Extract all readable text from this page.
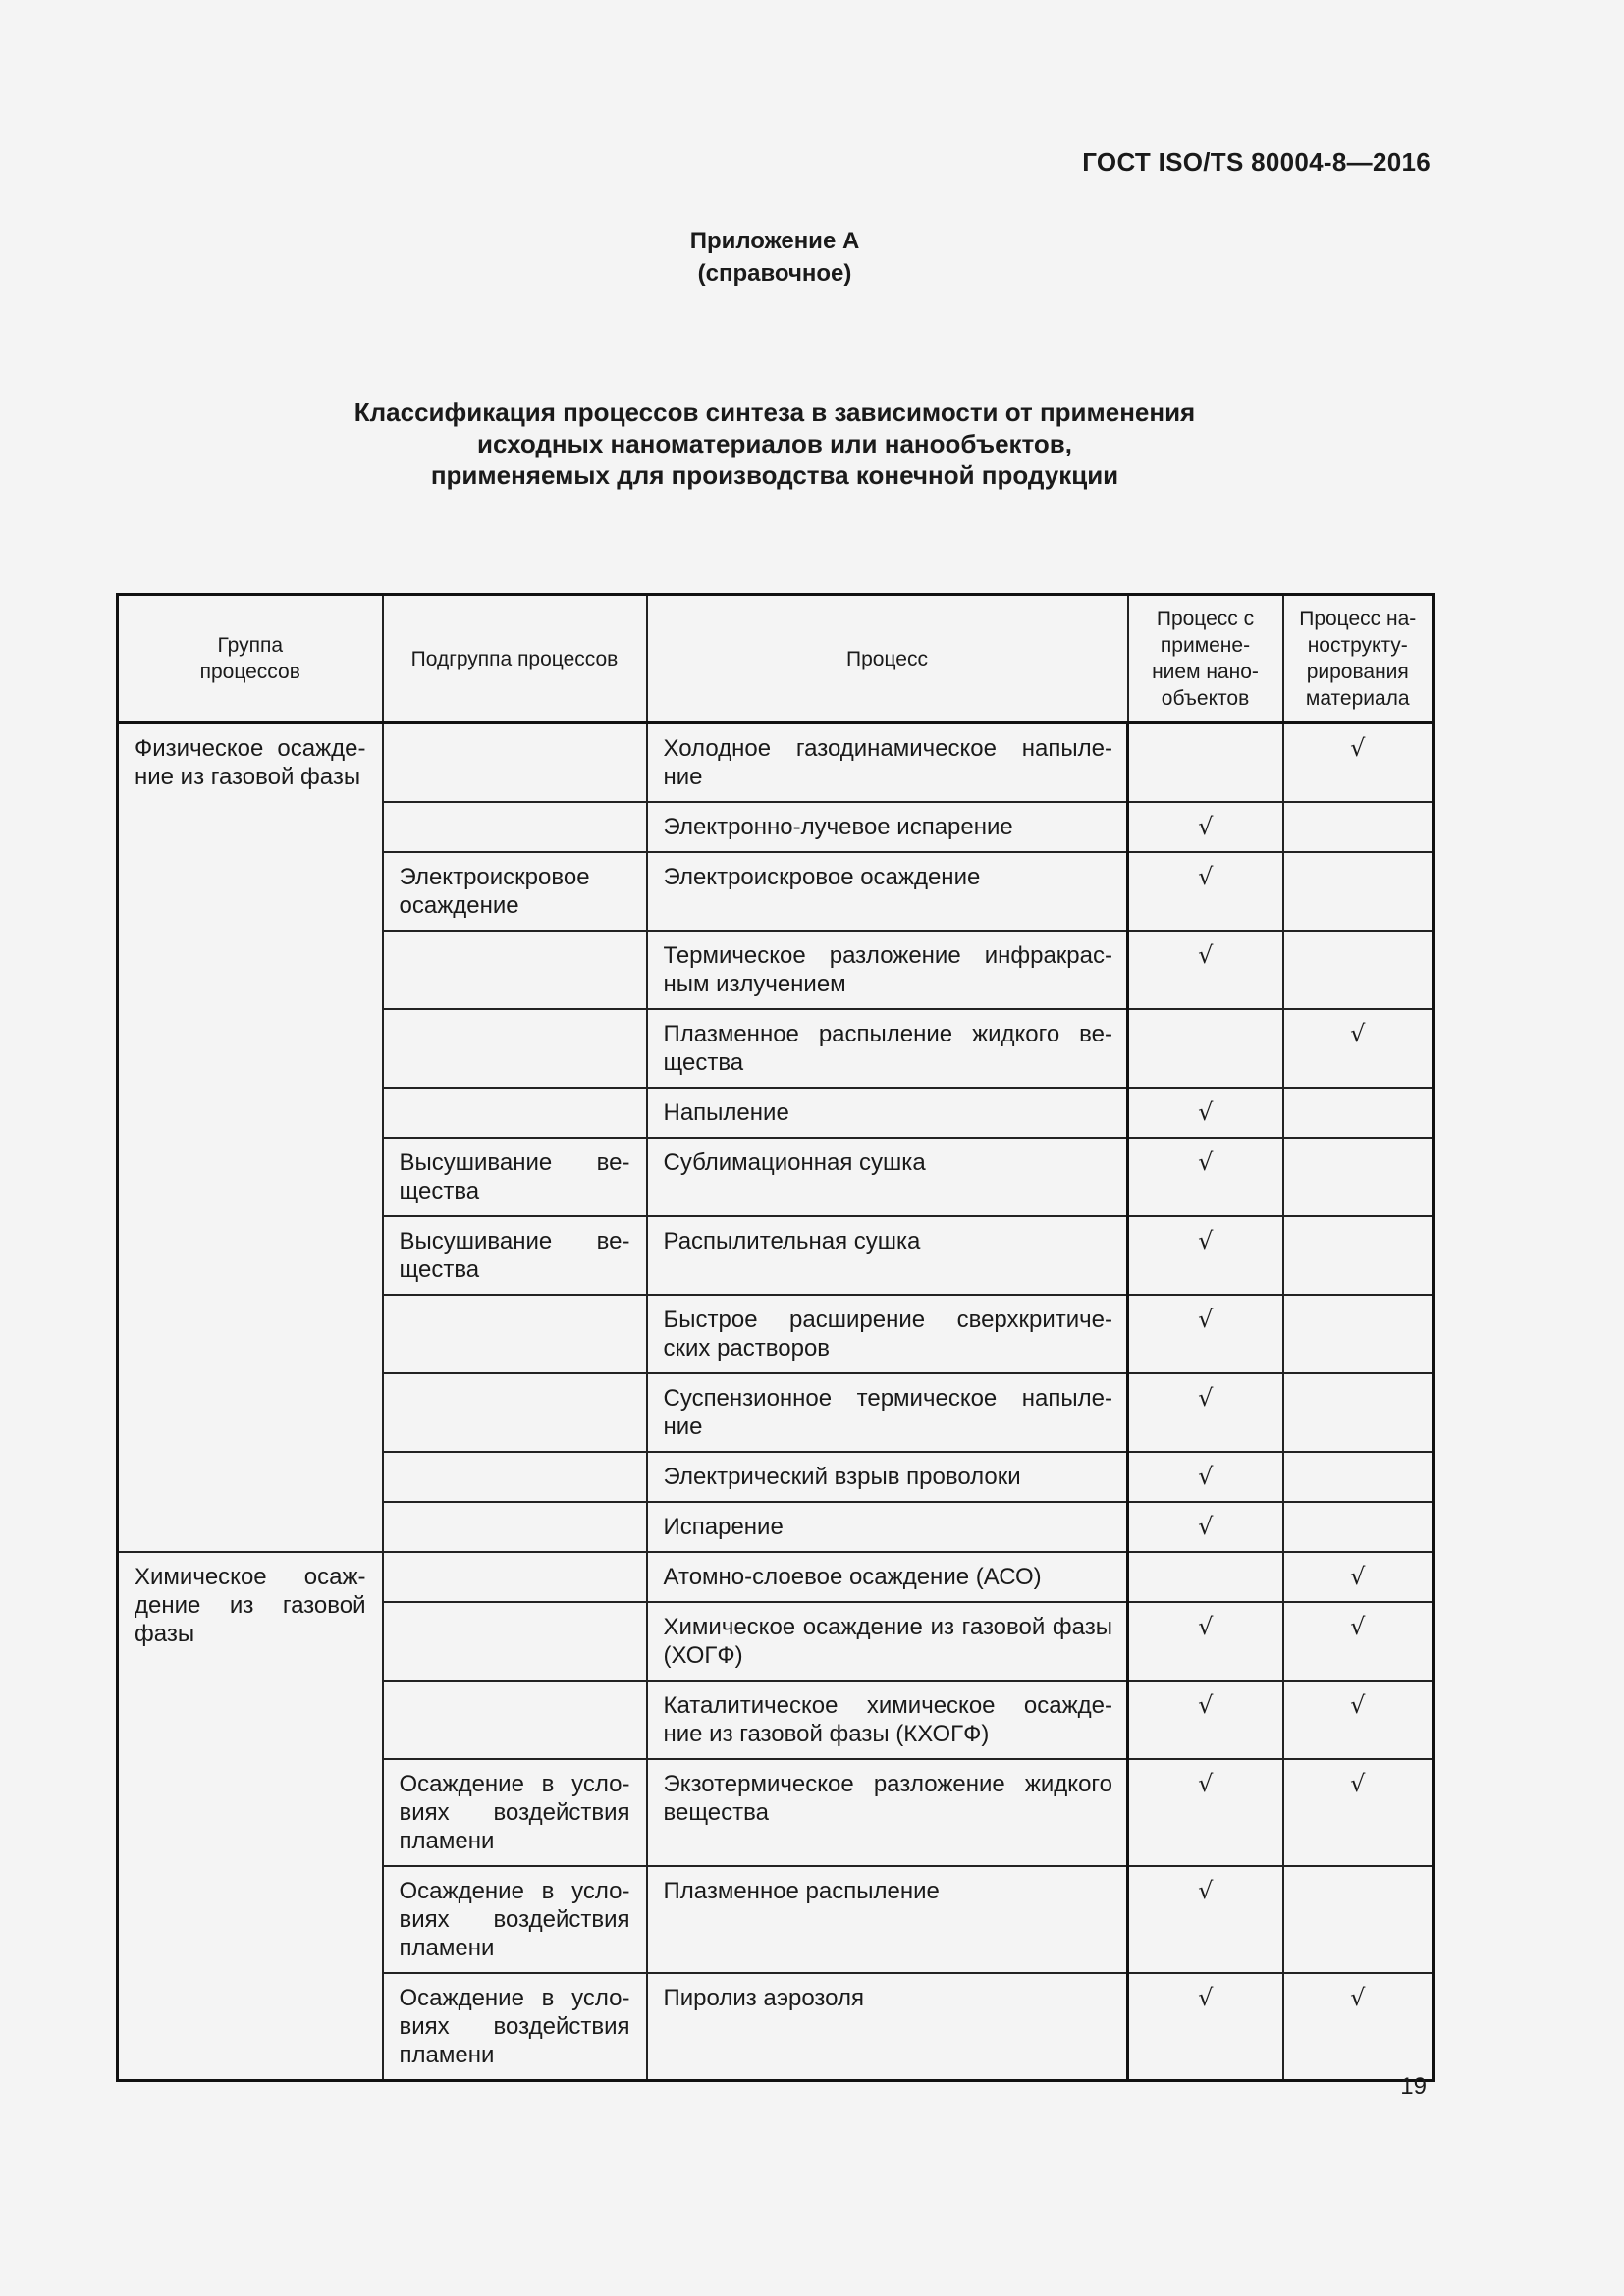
ГОСТ ISO/TS 80004-8—2016
Приложение А
(справочное)
Классификация процессов синтеза в зависимости от применения
исходных наноматериалов или нанообъектов,
применяемых для производства конечной продукции
Группа процессов	Подгруппа процессов	Процесс	Процесс с примене- нием нано- объектов	Процесс на- нострукту- рирования материала
Физическое осажде- ние из газовой фазы		Холодное газодинамическое напыле- ние		√
		Электронно-лучевое испарение	√	
	Электроискровое осаждение	Электроискровое осаждение	√	
		Термическое разложение инфракрас- ным излучением	√	
		Плазменное распыление жидкого ве- щества		√
		Напыление	√	
	Высушивание ве- щества	Сублимационная сушка	√	
	Высушивание ве- щества	Распылительная сушка	√	
		Быстрое расширение сверхкритиче- ских растворов	√	
		Суспензионное термическое напыле- ние	√	
		Электрический взрыв проволоки	√	
		Испарение	√	
Химическое осаж- дение из газовой фазы		Атомно-слоевое осаждение (АСО)		√
		Химическое осаждение из газовой фазы (ХОГФ)	√	√
		Каталитическое химическое осажде- ние из газовой фазы (КХОГФ)	√	√
	Осаждение в усло- виях воздействия пламени	Экзотермическое разложение жидкого вещества	√	√
	Осаждение в усло- виях воздействия пламени	Плазменное распыление	√	
	Осаждение в усло- виях воздействия пламени	Пиролиз аэрозоля	√	√
19
